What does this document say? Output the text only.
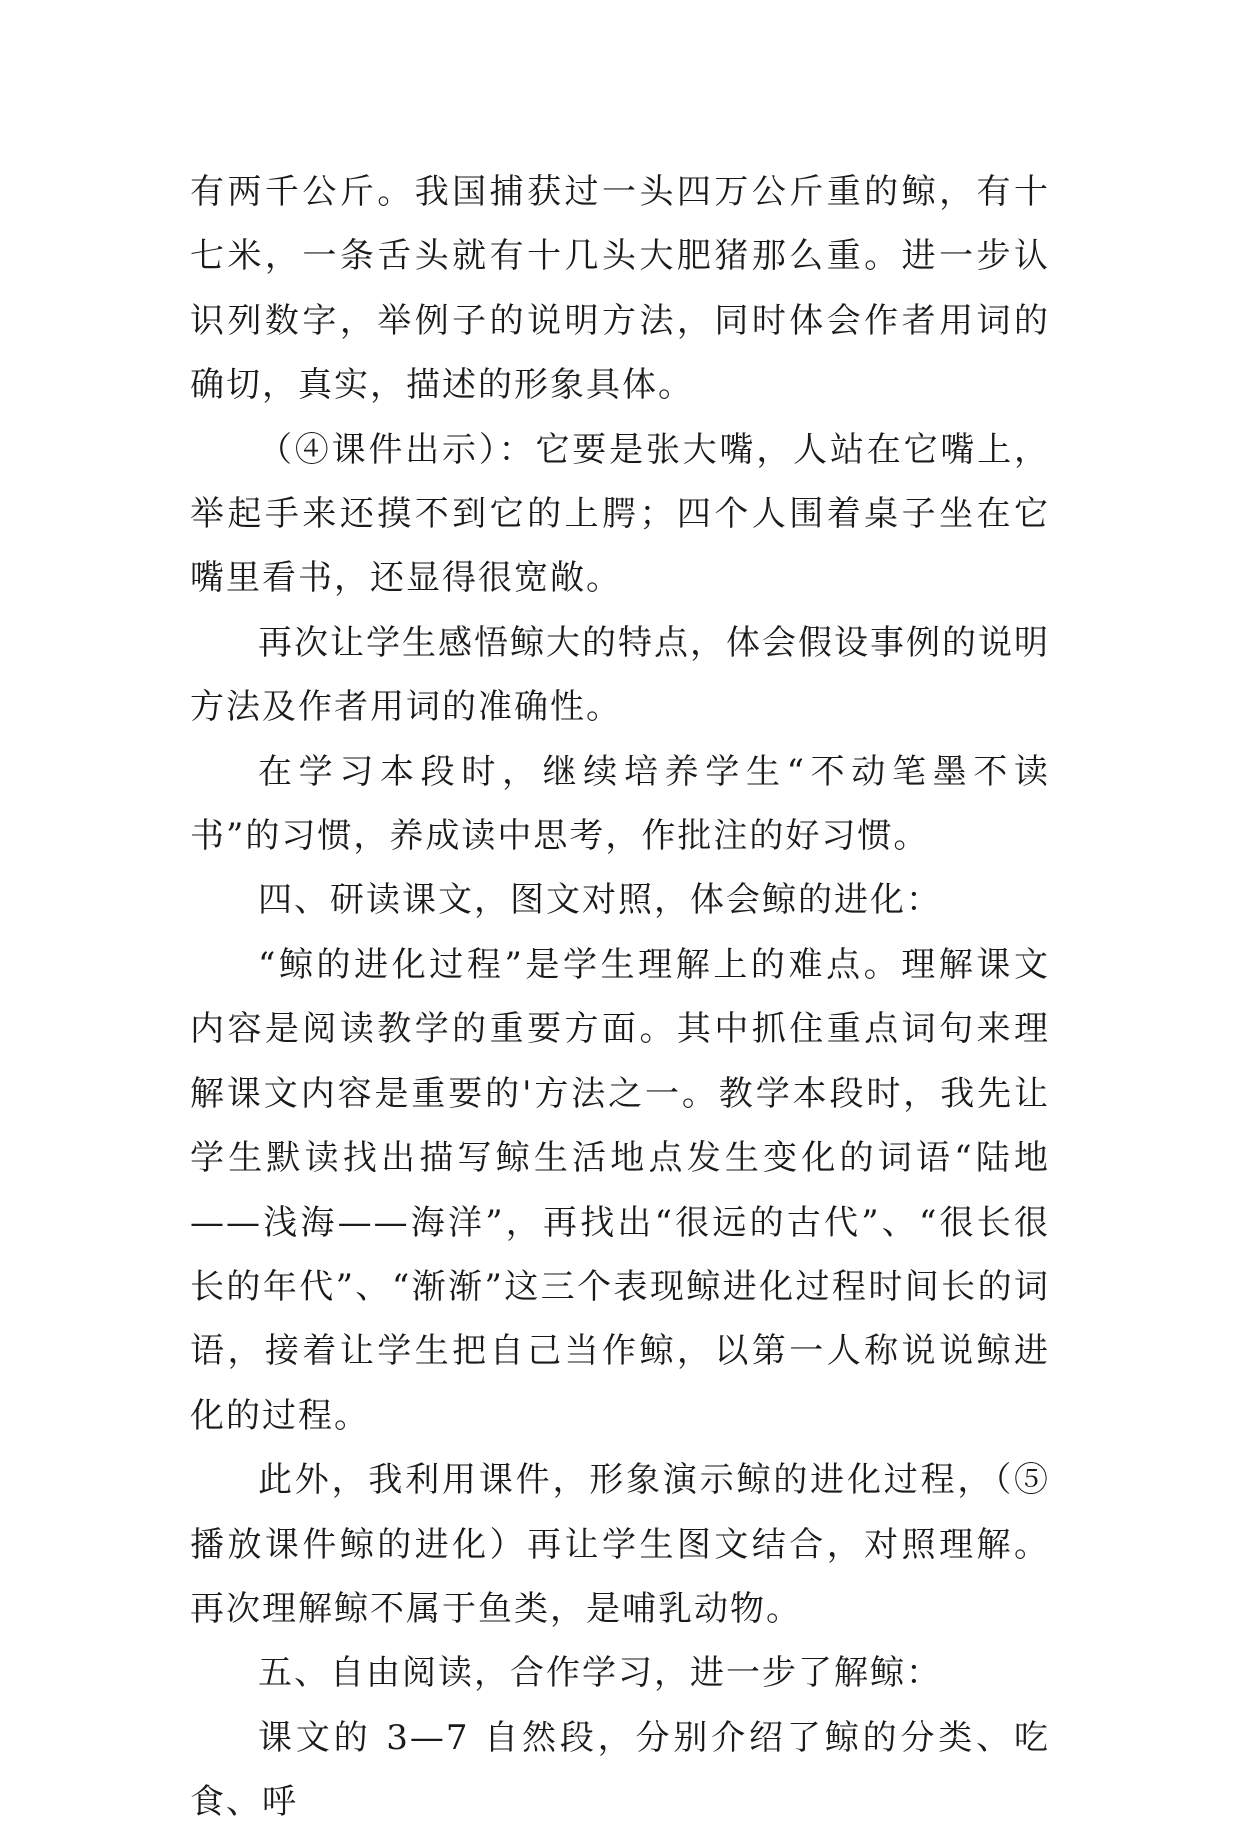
有两千公斤。我国捕获过一头四万公斤重的鲸，有十七米，一条舌头就有十几头大肥猪那么重。进一步认识列数字，举例子的说明方法，同时体会作者用词的确切，真实，描述的形象具体。

（④课件出示）：它要是张大嘴，人站在它嘴上，举起手来还摸不到它的上腭；四个人围着桌子坐在它嘴里看书，还显得很宽敞。

再次让学生感悟鲸大的特点，体会假设事例的说明方法及作者用词的准确性。

在学习本段时，继续培养学生“不动笔墨不读书”的习惯，养成读中思考，作批注的好习惯。

四、研读课文，图文对照，体会鲸的进化：

“鲸的进化过程”是学生理解上的难点。理解课文内容是阅读教学的重要方面。其中抓住重点词句来理解课文内容是重要的'方法之一。教学本段时，我先让学生默读找出描写鲸生活地点发生变化的词语“陆地——浅海——海洋”，再找出“很远的古代”、“很长很长的年代”、“渐渐”这三个表现鲸进化过程时间长的词语，接着让学生把自己当作鲸，以第一人称说说鲸进化的过程。

此外，我利用课件，形象演示鲸的进化过程，（⑤播放课件鲸的进化）再让学生图文结合，对照理解。再次理解鲸不属于鱼类，是哺乳动物。

五、自由阅读，合作学习，进一步了解鲸：

课文的 3—7 自然段，分别介绍了鲸的分类、吃食、呼
